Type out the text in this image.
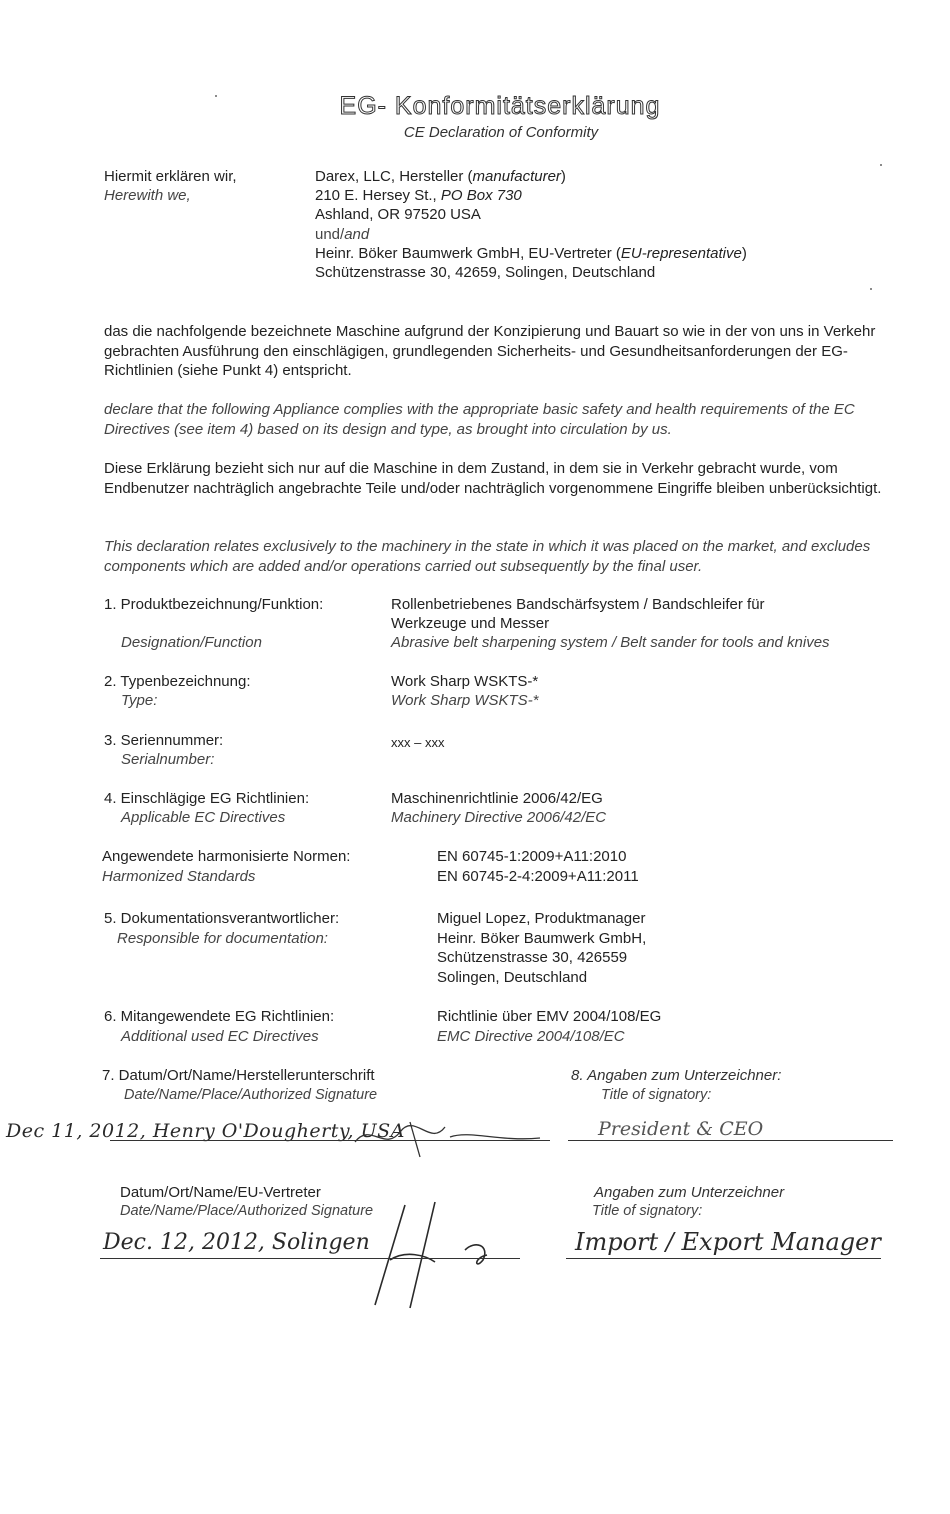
EG- Konformitätserklärung
CE Declaration of Conformity
Hiermit erklären wir,
Herewith we,
Darex, LLC, Hersteller (manufacturer)
210 E. Hersey St., PO Box 730
Ashland, OR 97520 USA
und/and
Heinr. Böker Baumwerk GmbH, EU-Vertreter (EU-representative)
Schützenstrasse 30, 42659, Solingen, Deutschland
das die nachfolgende bezeichnete Maschine aufgrund der Konzipierung und Bauart so wie in der von uns in Verkehr gebrachten Ausführung den einschlägigen, grundlegenden Sicherheits- und Gesundheitsanforderungen der EG- Richtlinien (siehe Punkt 4) entspricht.
declare that the following Appliance complies with the appropriate basic safety and health requirements of the EC Directives (see item 4) based on its design and type, as brought into circulation by us.
Diese Erklärung bezieht sich nur auf die Maschine in dem Zustand, in dem sie in Verkehr gebracht wurde, vom Endbenutzer nachträglich angebrachte Teile und/oder nachträglich vorgenommene Eingriffe bleiben unberücksichtigt.
This declaration relates exclusively to the machinery in the state in which it was placed on the market, and excludes components which are added and/or operations carried out subsequently by the final user.
1. Produktbezeichnung/Funktion:
Designation/Function
Rollenbetriebenes Bandschärfsystem / Bandschleifer für
Werkzeuge und Messer
Abrasive belt sharpening system / Belt sander for tools and knives
2. Typenbezeichnung:
Type:
Work Sharp WSKTS-*
Work Sharp WSKTS-*
3. Seriennummer:
Serialnumber:
xxx – xxx
4. Einschlägige EG Richtlinien:
Applicable EC Directives
Maschinenrichtlinie 2006/42/EG
Machinery Directive 2006/42/EC
Angewendete harmonisierte Normen:
Harmonized Standards
EN 60745-1:2009+A11:2010
EN 60745-2-4:2009+A11:2011
5. Dokumentationsverantwortlicher:
Responsible for documentation:
Miguel Lopez, Produktmanager
Heinr. Böker Baumwerk GmbH,
Schützenstrasse 30, 426559
Solingen, Deutschland
6. Mitangewendete EG Richtlinien:
Additional used EC Directives
Richtlinie über EMV 2004/108/EG
EMC Directive 2004/108/EC
7. Datum/Ort/Name/Herstellerunterschrift
Date/Name/Place/Authorized Signature
8. Angaben zum Unterzeichner:
Title of signatory:
Dec 11, 2012, Henry O'Dougherty, USA	President & CEO
Datum/Ort/Name/EU-Vertreter
Date/Name/Place/Authorized Signature
Angaben zum Unterzeichner
Title of signatory:
Dec. 12, 2012, Solingen	Import / Export Manager
